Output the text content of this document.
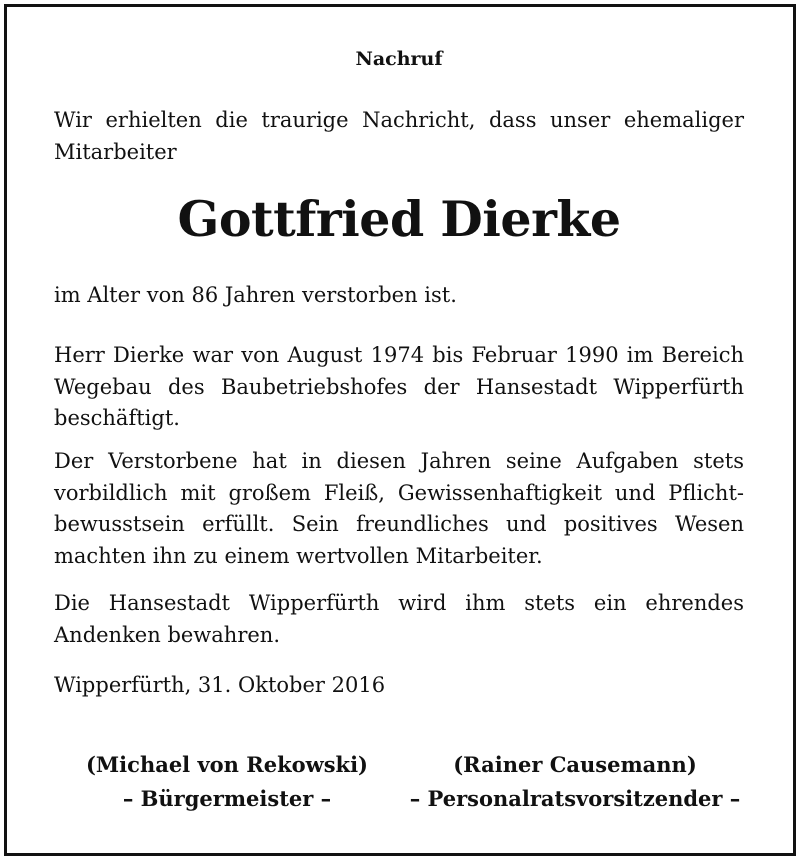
Nachruf
Wir erhielten die traurige Nachricht, dass unser ehemaliger Mitarbeiter
Gottfried Dierke
im Alter von 86 Jahren verstorben ist.
Herr Dierke war von August 1974 bis Februar 1990 im Bereich Wegebau des Baubetriebshofes der Hansestadt Wipperfürth beschäftigt.
Der Verstorbene hat in diesen Jahren seine Aufgaben stets vorbildlich mit großem Fleiß, Gewissenhaftigkeit und Pflichtbewusstsein erfüllt. Sein freundliches und positives Wesen machten ihn zu einem wertvollen Mitarbeiter.
Die Hansestadt Wipperfürth wird ihm stets ein ehrendes Andenken bewahren.
Wipperfürth, 31. Oktober 2016
(Michael von Rekowski)
– Bürgermeister –
(Rainer Causemann)
– Personalratsvorsitzender –
